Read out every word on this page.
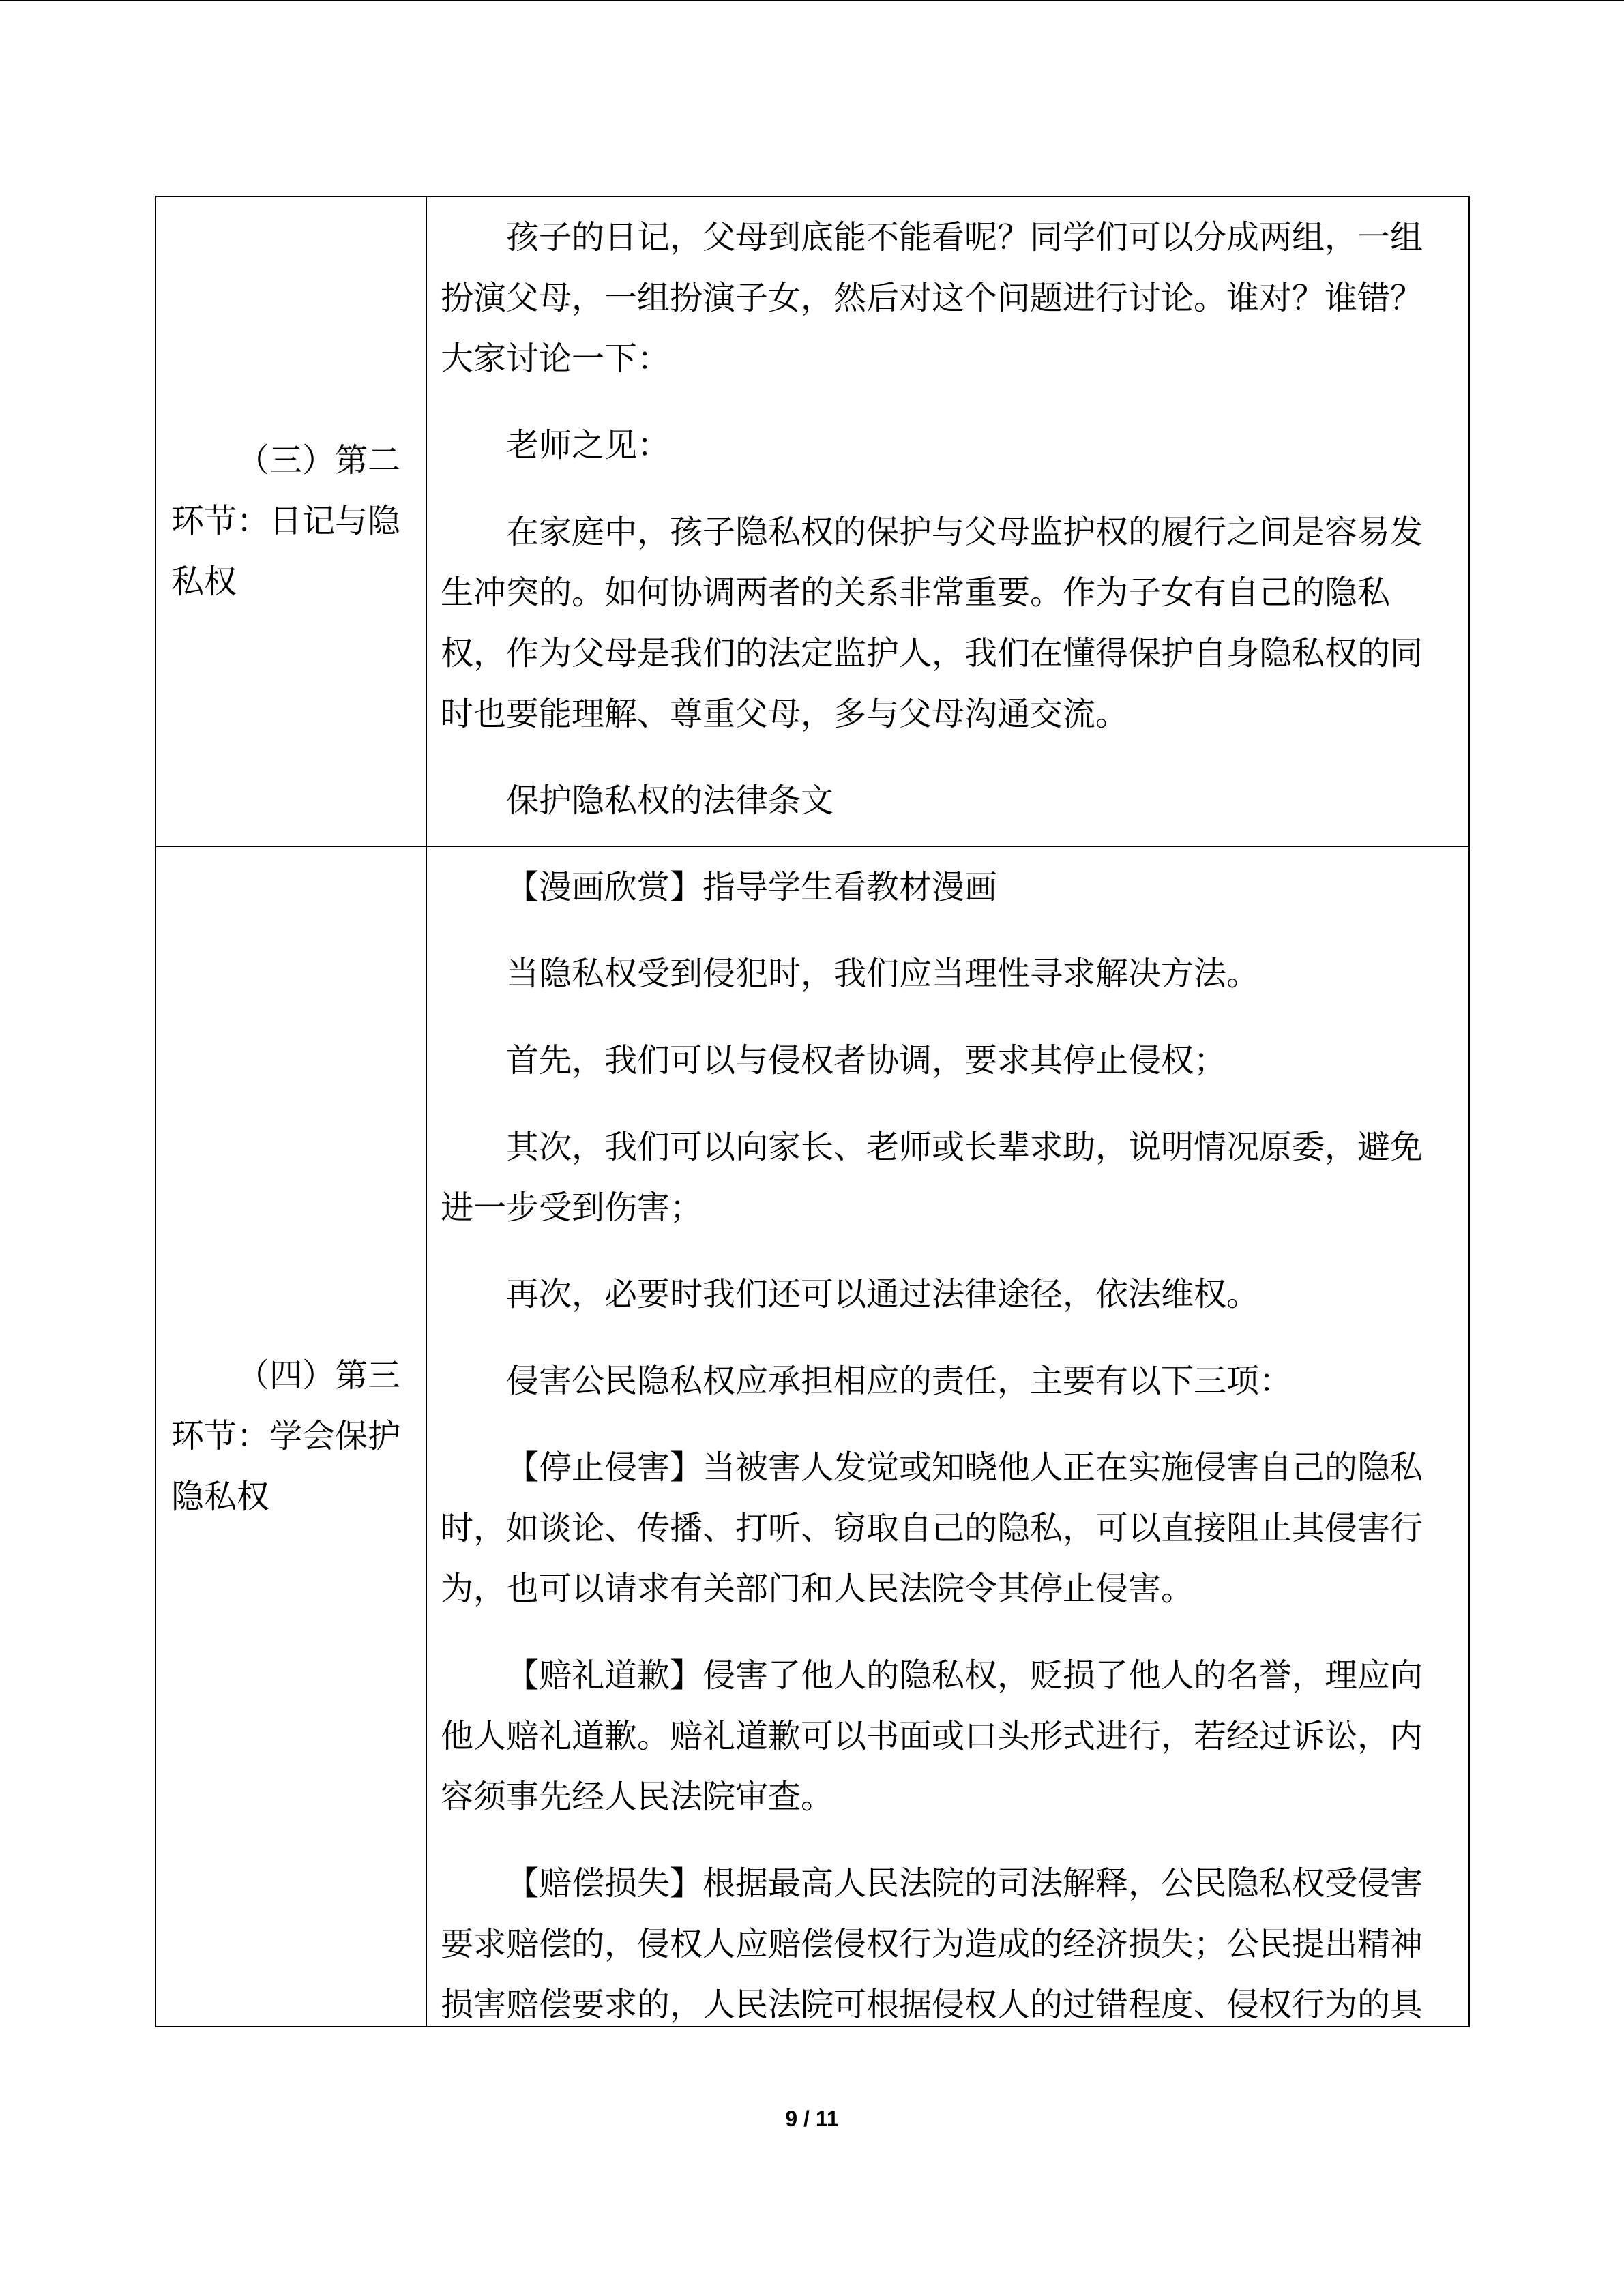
（三）第二环节：日记与隐私权

孩子的日记，父母到底能不能看呢？同学们可以分成两组，一组扮演父母，一组扮演子女，然后对这个问题进行讨论。谁对？谁错？大家讨论一下：

老师之见：

在家庭中，孩子隐私权的保护与父母监护权的履行之间是容易发生冲突的。如何协调两者的关系非常重要。作为子女有自己的隐私权，作为父母是我们的法定监护人，我们在懂得保护自身隐私权的同时也要能理解、尊重父母，多与父母沟通交流。

保护隐私权的法律条文

（四）第三环节：学会保护隐私权

【漫画欣赏】指导学生看教材漫画

当隐私权受到侵犯时，我们应当理性寻求解决方法。

首先，我们可以与侵权者协调，要求其停止侵权；

其次，我们可以向家长、老师或长辈求助，说明情况原委，避免进一步受到伤害；

再次，必要时我们还可以通过法律途径，依法维权。

侵害公民隐私权应承担相应的责任，主要有以下三项：

【停止侵害】当被害人发觉或知晓他人正在实施侵害自己的隐私时，如谈论、传播、打听、窃取自己的隐私，可以直接阻止其侵害行为，也可以请求有关部门和人民法院令其停止侵害。

【赔礼道歉】侵害了他人的隐私权，贬损了他人的名誉，理应向他人赔礼道歉。赔礼道歉可以书面或口头形式进行，若经过诉讼，内容须事先经人民法院审查。

【赔偿损失】根据最高人民法院的司法解释，公民隐私权受侵害要求赔偿的，侵权人应赔偿侵权行为造成的经济损失；公民提出精神损害赔偿要求的，人民法院可根据侵权人的过错程度、侵权行为的具

9 / 11
